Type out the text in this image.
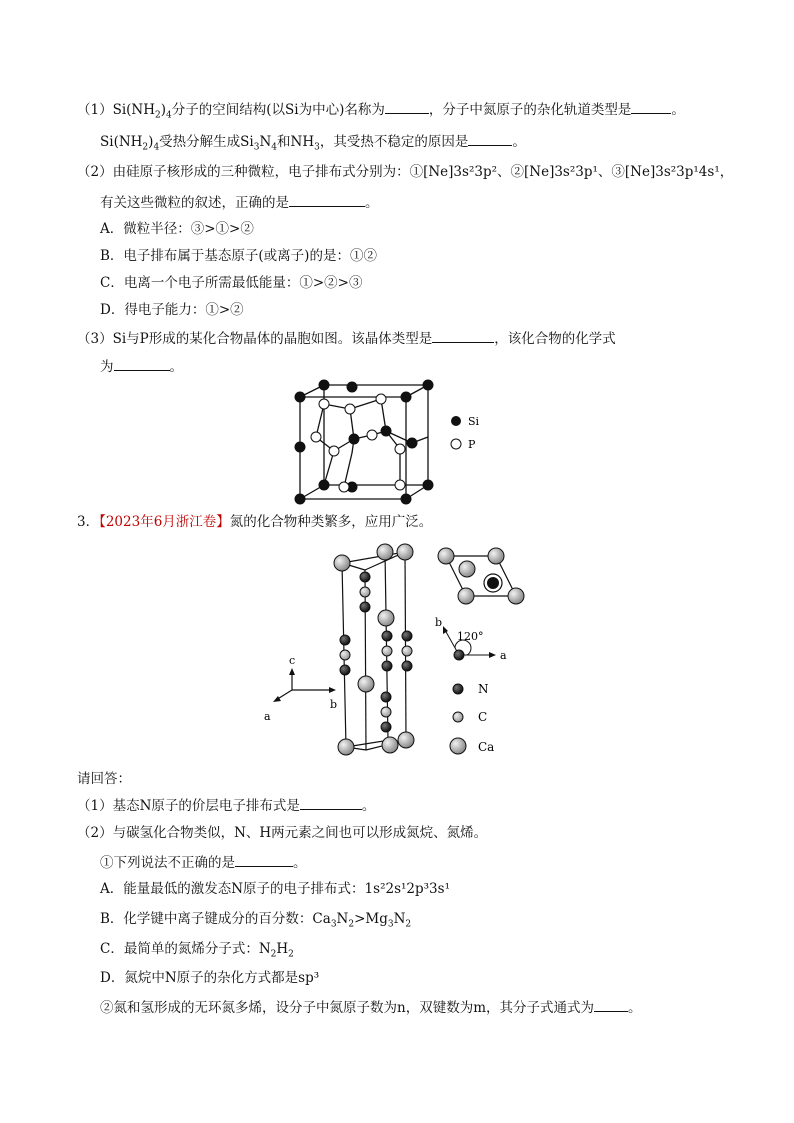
$(1)Si(NH_2)_4$分子的空间结构(以Si为中心)名称为	，分子中氮原子的杂化轨道类型是	。
$Si(NH_2)_4$受热分解生成$Si_3N_4$和$NH_3$，其受热不稳定的原因是	。
（2）由硅原子核形成的三种微粒，电子排布式分别为：①[Ne]3s²3p²、②[Ne]3s²3p¹、③[Ne]3s²3p¹4s¹，
有关这些微粒的叙述，正确的是	。
A．微粒半径：③>①>②
B．电子排布属于基态原子(或离子)的是：①②
C．电离一个电子所需最低能量：①>②>③
D．得电子能力：①>②
（3）Si与P形成的某化合物晶体的晶胞如图。该晶体类型是	，该化合物的化学式
为	。
Si
P
3．【2023年6月浙江卷】氮的化合物种类繁多，应用广泛。
c
b
a
120°
b
a
N
C
Ca
请回答：
（1）基态N原子的价层电子排布式是	。
（2）与碳氢化合物类似，N、H两元素之间也可以形成氮烷、氮烯。
①下列说法不正确的是	。
A．能量最低的激发态N原子的电子排布式：1s²2s¹2p³3s¹
B．化学键中离子键成分的百分数：$Ca_3N_2>Mg_3N_2$
C．最简单的氮烯分子式：$N_2H_2$
D．氮烷中N原子的杂化方式都是sp³
②氮和氢形成的无环氮多烯，设分子中氮原子数为n，双键数为m，其分子式通式为	。
